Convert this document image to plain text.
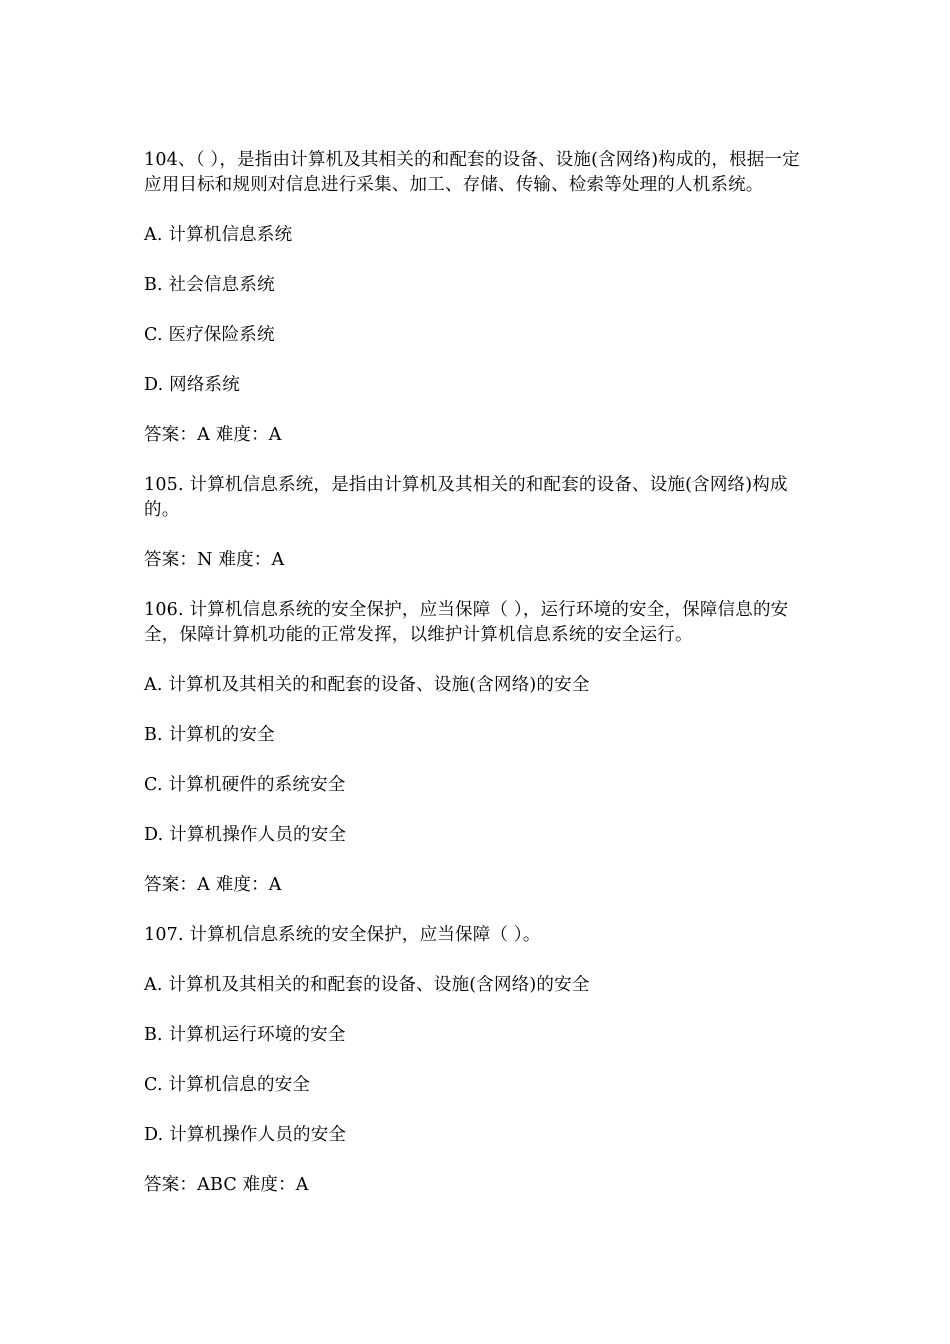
104、（ ），是指由计算机及其相关的和配套的设备、设施(含网络)构成的，根据一定应用目标和规则对信息进行采集、加工、存储、传输、检索等处理的人机系统。

A. 计算机信息系统

B. 社会信息系统

C. 医疗保险系统

D. 网络系统

答案：A 难度：A

105. 计算机信息系统，是指由计算机及其相关的和配套的设备、设施(含网络)构成的。

答案：N 难度：A

106. 计算机信息系统的安全保护，应当保障（ ），运行环境的安全，保障信息的安全，保障计算机功能的正常发挥，以维护计算机信息系统的安全运行。

A. 计算机及其相关的和配套的设备、设施(含网络)的安全

B. 计算机的安全

C. 计算机硬件的系统安全

D. 计算机操作人员的安全

答案：A 难度：A

107. 计算机信息系统的安全保护，应当保障（ ）。

A. 计算机及其相关的和配套的设备、设施(含网络)的安全

B. 计算机运行环境的安全

C. 计算机信息的安全

D. 计算机操作人员的安全

答案：ABC 难度：A
